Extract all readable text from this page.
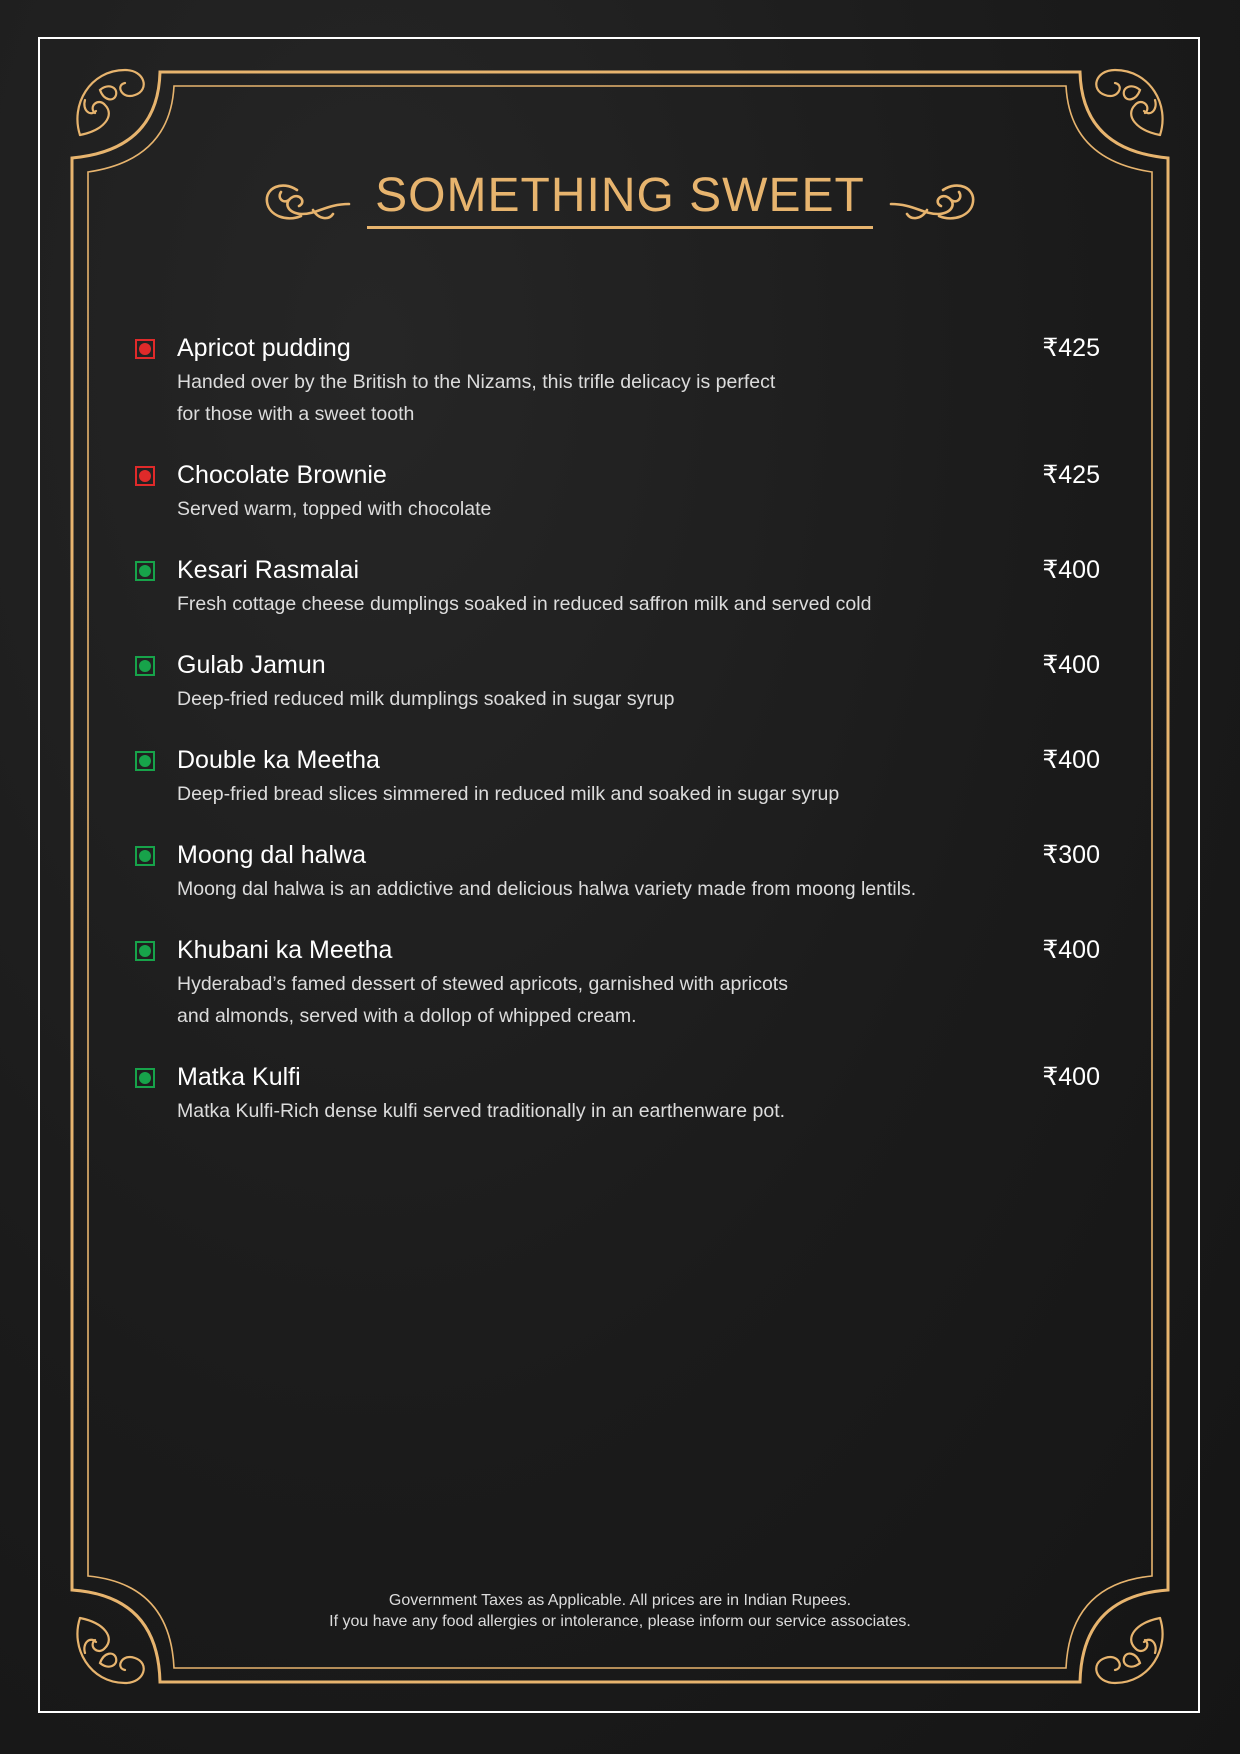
SOMETHING SWEET
Apricot pudding	₹425
Handed over by the British to the Nizams, this trifle delicacy is perfect
for those with a sweet tooth
Chocolate Brownie	₹425
Served warm, topped with chocolate
Kesari Rasmalai	₹400
Fresh cottage cheese dumplings soaked in reduced saffron milk and served cold
Gulab Jamun	₹400
Deep-fried reduced milk dumplings soaked in sugar syrup
Double ka Meetha	₹400
Deep-fried bread slices simmered in reduced milk and soaked in sugar syrup
Moong dal halwa	₹300
Moong dal halwa is an addictive and delicious halwa variety made from moong lentils.
Khubani ka Meetha	₹400
Hyderabad’s famed dessert of stewed apricots, garnished with apricots
and almonds, served with a dollop of whipped cream.
Matka Kulfi	₹400
Matka Kulfi-Rich dense kulfi served traditionally in an earthenware pot.
Government Taxes as Applicable. All prices are in Indian Rupees.
If you have any food allergies or intolerance, please inform our service associates.
